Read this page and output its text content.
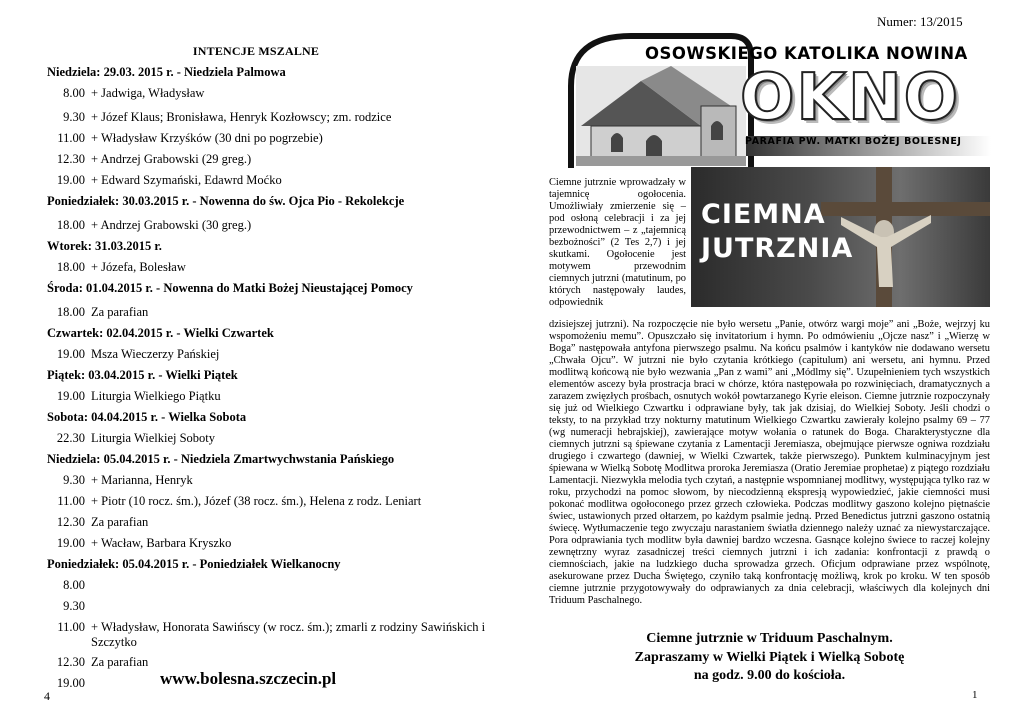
INTENCJE MSZALNE
Niedziela: 29.03. 2015 r. - Niedziela Palmowa
8.00 + Jadwiga, Władysław
9.30 + Józef Klaus; Bronisława, Henryk Kozłowscy; zm. rodzice
11.00 + Władysław Krzyśków (30 dni po pogrzebie)
12.30 + Andrzej Grabowski (29 greg.)
19.00 + Edward Szymański, Edawrd Moćko
Poniedziałek: 30.03.2015 r. - Nowenna do św. Ojca Pio - Rekolekcje
18.00 + Andrzej Grabowski (30 greg.)
Wtorek: 31.03.2015 r.
18.00 + Józefa, Bolesław
Środa: 01.04.2015 r. - Nowenna do Matki Bożej Nieustającej Pomocy
18.00 Za parafian
Czwartek: 02.04.2015 r. - Wielki Czwartek
19.00 Msza Wieczerzy Pańskiej
Piątek: 03.04.2015 r. - Wielki Piątek
19.00 Liturgia Wielkiego Piątku
Sobota: 04.04.2015 r. - Wielka Sobota
22.30 Liturgia Wielkiej Soboty
Niedziela: 05.04.2015 r. - Niedziela Zmartwychwstania Pańskiego
9.30 + Marianna, Henryk
11.00 + Piotr (10 rocz. śm.), Józef (38 rocz. śm.), Helena z rodz. Leniart
12.30 Za parafian
19.00 + Wacław, Barbara Kryszko
Poniedziałek: 05.04.2015 r. - Poniedziałek Wielkanocny
8.00
9.30
11.00 + Władysław, Honorata Sawińscy (w rocz. śm.); zmarli z rodziny Sawińskich i Szczytko
12.30 Za parafian
19.00	www.bolesna.szczecin.pl
4
Numer: 13/2015
OSOWSKIEGO KATOLIKA NOWINA
OKNO
PARAFIA PW. MATKI BOŻEJ BOLESNEJ
CIEMNA
JUTRZNIA

Ciemne jutrznie wprowadzały w tajemnicę ogołocenia. Umożliwiały zmierzenie się – pod osłoną celebracji i za jej przewodnictwem – z „tajemnicą bezbożności” (2 Tes 2,7) i jej skutkami. Ogołocenie jest motywem przewodnim ciemnych jutrzni (matutinum, po których następowały laudes, odpowiednik

dzisiejszej jutrzni). Na rozpoczęcie nie było wersetu „Panie, otwórz wargi moje” ani „Boże, wejrzyj ku wspomożeniu memu”. Opuszczało się invitatorium i hymn. Po odmówieniu „Ojcze nasz” i „Wierzę w Boga” następowała antyfona pierwszego psalmu. Na końcu psalmów i kantyków nie dodawano wersetu „Chwała Ojcu”. W jutrzni nie było czytania krótkiego (capitulum) ani wersetu, ani hymnu. Przed modlitwą końcową nie było wezwania „Pan z wami” ani „Módlmy się”. Uzupełnieniem tych wszystkich elementów ascezy była prostracja braci w chórze, która następowała po rozwinięciach, dramatycznych a zarazem zwięzłych prośbach, osnutych wokół powtarzanego Kyrie eleison. Ciemne jutrznie rozpoczynały się już od Wielkiego Czwartku i odprawiane były, tak jak dzisiaj, do Wielkiej Soboty. Jeśli chodzi o teksty, to na przykład trzy nokturny matutinum Wielkiego Czwartku zawierały kolejno psalmy 69 – 77 (wg numeracji hebrajskiej), zawierające motyw wołania o ratunek do Boga. Charakterystyczne dla ciemnych jutrzni są śpiewane czytania z Lamentacji Jeremiasza, obejmujące pierwsze ogniwa rozdziału drugiego i czwartego (dawniej, w Wielki Czwartek, także pierwszego). Punktem kulminacyjnym jest śpiewana w Wielką Sobotę Modlitwa proroka Jeremiasza (Oratio Jeremiae prophetae) z piątego rozdziału Lamentacji. Niezwykła melodia tych czytań, a następnie wspomnianej modlitwy, występująca tylko raz w roku, przychodzi na pomoc słowom, by niecodzienną ekspresją wypowiedzieć, jakie ciemności musi pokonać modlitwa ogołoconego przez grzech człowieka. Podczas modlitwy gaszono kolejno piętnaście świec, ustawionych przed ołtarzem, po każdym psalmie jedną. Przed Benedictus jutrzni gaszono ostatnią świecę. Wytłumaczenie tego zwyczaju narastaniem światła dziennego należy uznać za niewystarczające. Pora odprawiania tych modlitw była dawniej bardzo wczesna. Gasnące kolejno świece to raczej kolejny zewnętrzny wyraz zasadniczej treści ciemnych jutrzni i ich zadania: konfrontacji z prawdą o ciemnościach, jakie na ludzkiego ducha sprowadza grzech. Oficjum odprawiane przez wspólnotę, asekurowane przez Ducha Świętego, czyniło taką konfrontację możliwą, krok po kroku. W ten sposób ciemne jutrznie przygotowywały do odprawianych za dnia celebracji, właściwych dla kolejnych dni Triduum Paschalnego.

Ciemne jutrznie w Triduum Paschalnym.
Zapraszamy w Wielki Piątek i Wielką Sobotę
na godz. 9.00 do kościoła.
1
